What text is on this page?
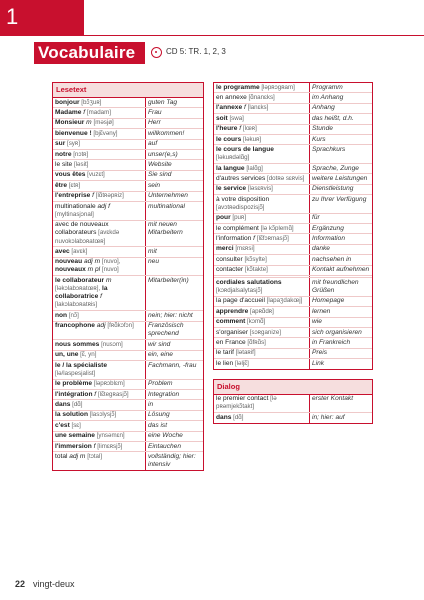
1
Vocabulaire	CD 5: TR. 1, 2, 3
Lesetext
bonjour [bɔ̃ʒuʀ]	guten Tag
Madame f [madam]	Frau
Monsieur m [məsjø]	Herr
bienvenue ! [bjɛ̃vəny]	willkommen!
sur [syʀ]	auf
notre [nɔtʀ]	unser(e,s)
le site [ləsit]	Website
vous êtes [vuzɛt]	Sie sind
être [ɛtʀ]	sein
l'entreprise f [lɑ̃tʀəpʀiz]	Unternehmen
multinationale adj f [myltinasjɔnal]	multinational
avec de nouveaux collaborateurs [avɛkdə nuvokɔlabɔʀatœʀ]	mit neuen Mitarbeitern
avec [avɛk]	mit
nouveau adj m [nuvo], nouveaux m pl [nuvo]	neu
le collaborateur m [ləkɔlabɔʀatœʀ], la collaboratrice f [lakɔlabɔʀatʀis]	Mitarbeiter(in)
non [nɔ̃]	nein; hier: nicht
francophone adj [fʀɑ̃kɔfɔn]	Französisch sprechend
nous sommes [nusɔm]	wir sind
un, une [ɛ̃, yn]	ein, eine
le / la spécialiste [lə/laspesjalist]	Fachmann, -frau
le problème [ləpʀɔblɛm]	Problem
l'intégration f [lɛ̃tegʀasjɔ̃]	Integration
dans [dɑ̃]	in
la solution [lasɔlysjɔ̃]	Lösung
c'est [sɛ]	das ist
une semaine [ynsəmɛn]	eine Woche
l'immersion f [limɛʀsjɔ̃]	Eintauchen
total adj m [tɔtal]	vollständig; hier: intensiv
le programme [ləpʀɔgʀam]	Programm
en annexe [ɑ̃nanɛks]	im Anhang
l'annexe f [lanɛks]	Anhang
soit [swa]	das heißt, d.h.
l'heure f [lœʀ]	Stunde
le cours [ləkuʀ]	Kurs
le cours de langue [ləkuʀdəlɑ̃g]	Sprachkurs
la langue [lalɑ̃g]	Sprache, Zunge
d'autres services [dotʀə sɛʀvis]	weitere Leistungen
le service [ləsɛʀvis]	Dienstleistung
à votre disposition [avɔtʀədispozisjɔ̃]	zu Ihrer Verfügung
pour [puʀ]	für
le complément [lə kɔ̃plemɑ̃]	Ergänzung
l'information f [lɛ̃fɔʀmasjɔ̃]	Information
merci [mɛʀsi]	danke
consulter [kɔ̃sylte]	nachsehen in
contacter [kɔ̃takte]	Kontakt aufnehmen

cordiales salutations [kɔʀdjalsalytasjɔ̃]	mit freundlichen Grüßen
la page d'accueil [lapaʒdakœj]	Homepage
apprendre [apʀɑ̃dʀ]	lernen
comment [kɔmɑ̃]	wie
s'organiser [sɔʀganize]	sich organisieren
en France [ɑ̃fʀɑ̃s]	in Frankreich
le tarif [lətaʀif]	Preis
le lien [ləljɛ̃]	Link
Dialog
le premier contact [lə pʀəmjekɔ̃takt]	erster Kontakt
dans [dɑ̃]	in; hier: auf
22 vingt-deux
